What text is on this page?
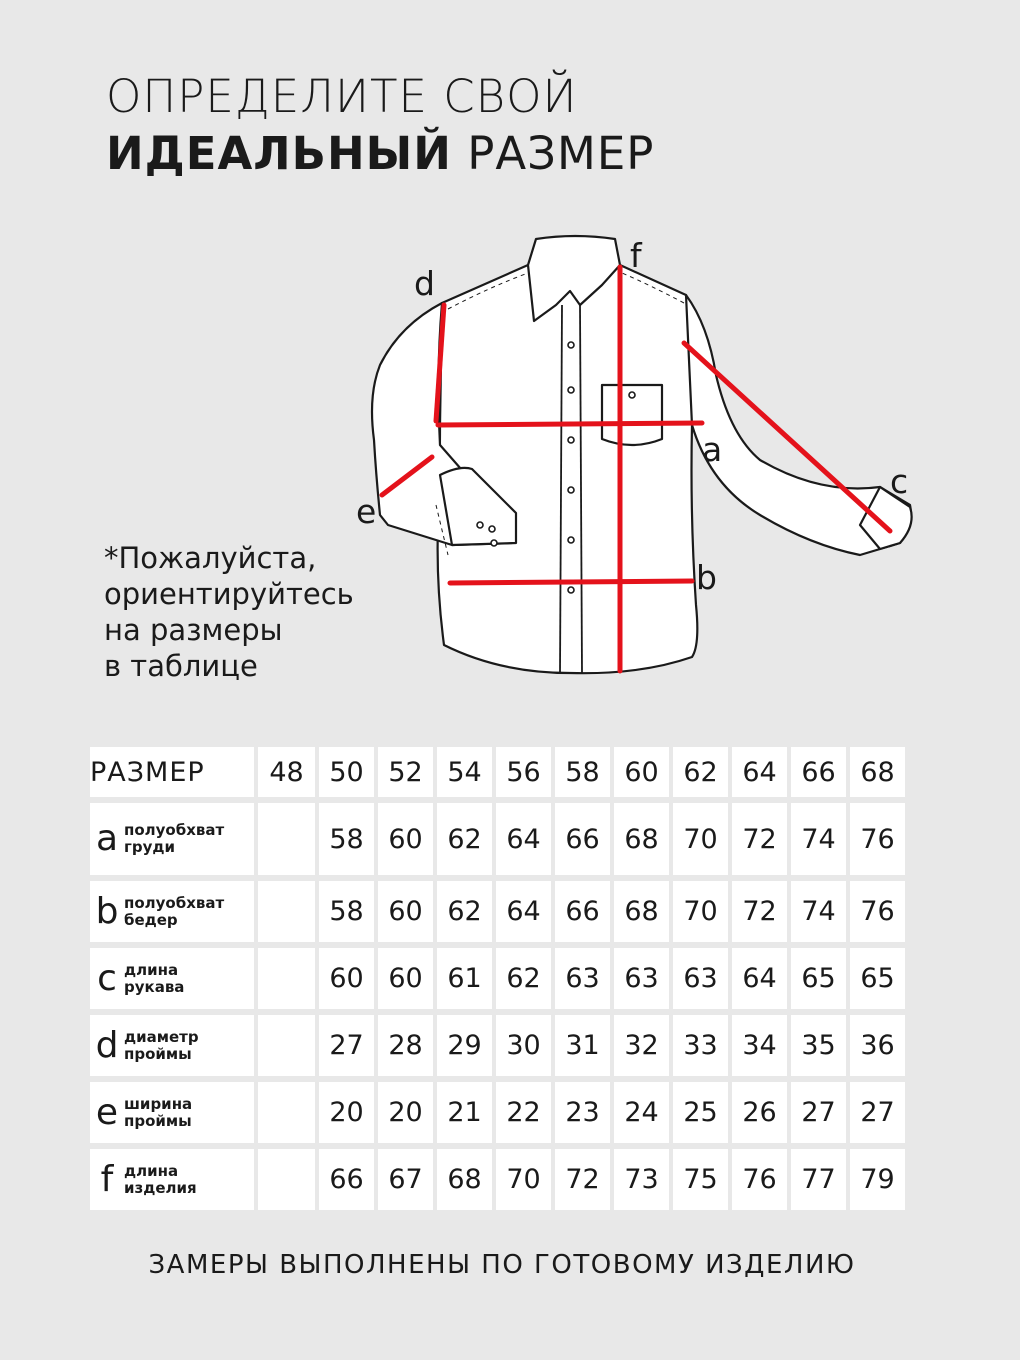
ОПРЕДЕЛИТЕ СВОЙ
ИДЕАЛЬНЫЙ РАЗМЕР
a
b
c
d
e
f
*Пожалуйста,
ориентируйтесь
на размеры
в таблице
РАЗМЕР	48	50	52	54	56	58	60	62	64	66	68

a полуобхват
груди		58	60	62	64	66	68	70	72	74	76

b полуобхват
бедер		58	60	62	64	66	68	70	72	74	76

c длина
рукава		60	60	61	62	63	63	63	64	65	65

d диаметр
проймы		27	28	29	30	31	32	33	34	35	36

e ширина
проймы		20	20	21	22	23	24	25	26	27	27

f длина
изделия		66	67	68	70	72	73	75	76	77	79
ЗАМЕРЫ ВЫПОЛНЕНЫ ПО ГОТОВОМУ ИЗДЕЛИЮ
